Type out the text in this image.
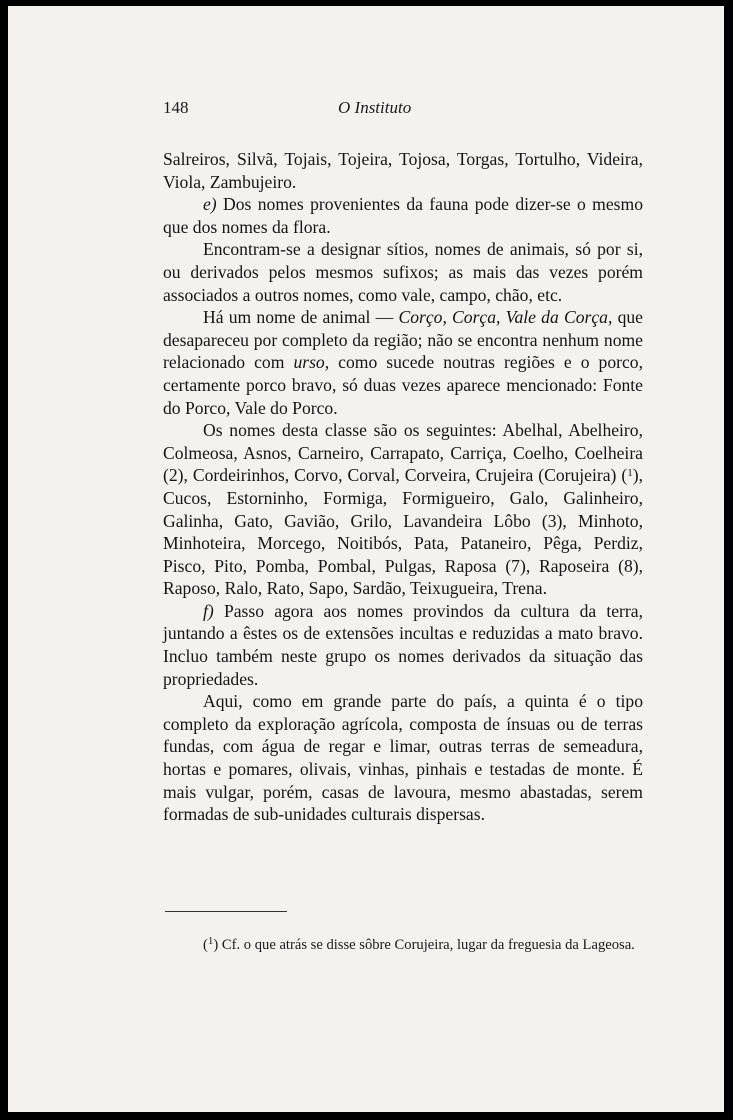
148	O Instituto

Salreiros, Silvã, Tojais, Tojeira, Tojosa, Torgas, Tortulho, Videira, Viola, Zambujeiro.

e) Dos nomes provenientes da fauna pode dizer-se o mesmo que dos nomes da flora.

Encontram-se a designar sítios, nomes de animais, só por si, ou derivados pelos mesmos sufixos; as mais das vezes porém associados a outros nomes, como vale, campo, chão, etc.

Há um nome de animal — Corço, Corça, Vale da Corça, que desapareceu por completo da região; não se encontra nenhum nome relacionado com urso, como sucede noutras regiões e o porco, certamente porco bravo, só duas vezes aparece mencionado: Fonte do Porco, Vale do Porco.

Os nomes desta classe são os seguintes: Abelhal, Abelheiro, Colmeosa, Asnos, Carneiro, Carrapato, Carriça, Coelho, Coelheira (2), Cordeirinhos, Corvo, Corval, Corveira, Crujeira (Corujeira) ($^1$), Cucos, Estorninho, Formiga, Formigueiro, Galo, Galinheiro, Galinha, Gato, Gavião, Grilo, Lavandeira Lôbo (3), Minhoto, Minhoteira, Morcego, Noitibós, Pata, Pataneiro, Pêga, Perdiz, Pisco, Pito, Pomba, Pombal, Pulgas, Raposa (7), Raposeira (8), Raposo, Ralo, Rato, Sapo, Sardão, Teixugueira, Trena.

f) Passo agora aos nomes provindos da cultura da terra, juntando a êstes os de extensões incultas e reduzidas a mato bravo. Incluo também neste grupo os nomes derivados da situação das propriedades.

Aqui, como em grande parte do país, a quinta é o tipo completo da exploração agrícola, composta de ínsuas ou de terras fundas, com água de regar e limar, outras terras de semeadura, hortas e pomares, olivais, vinhas, pinhais e testadas de monte. É mais vulgar, porém, casas de lavoura, mesmo abastadas, serem formadas de sub-unidades culturais dispersas.

($^1$) Cf. o que atrás se disse sôbre Corujeira, lugar da freguesia da Lageosa.
